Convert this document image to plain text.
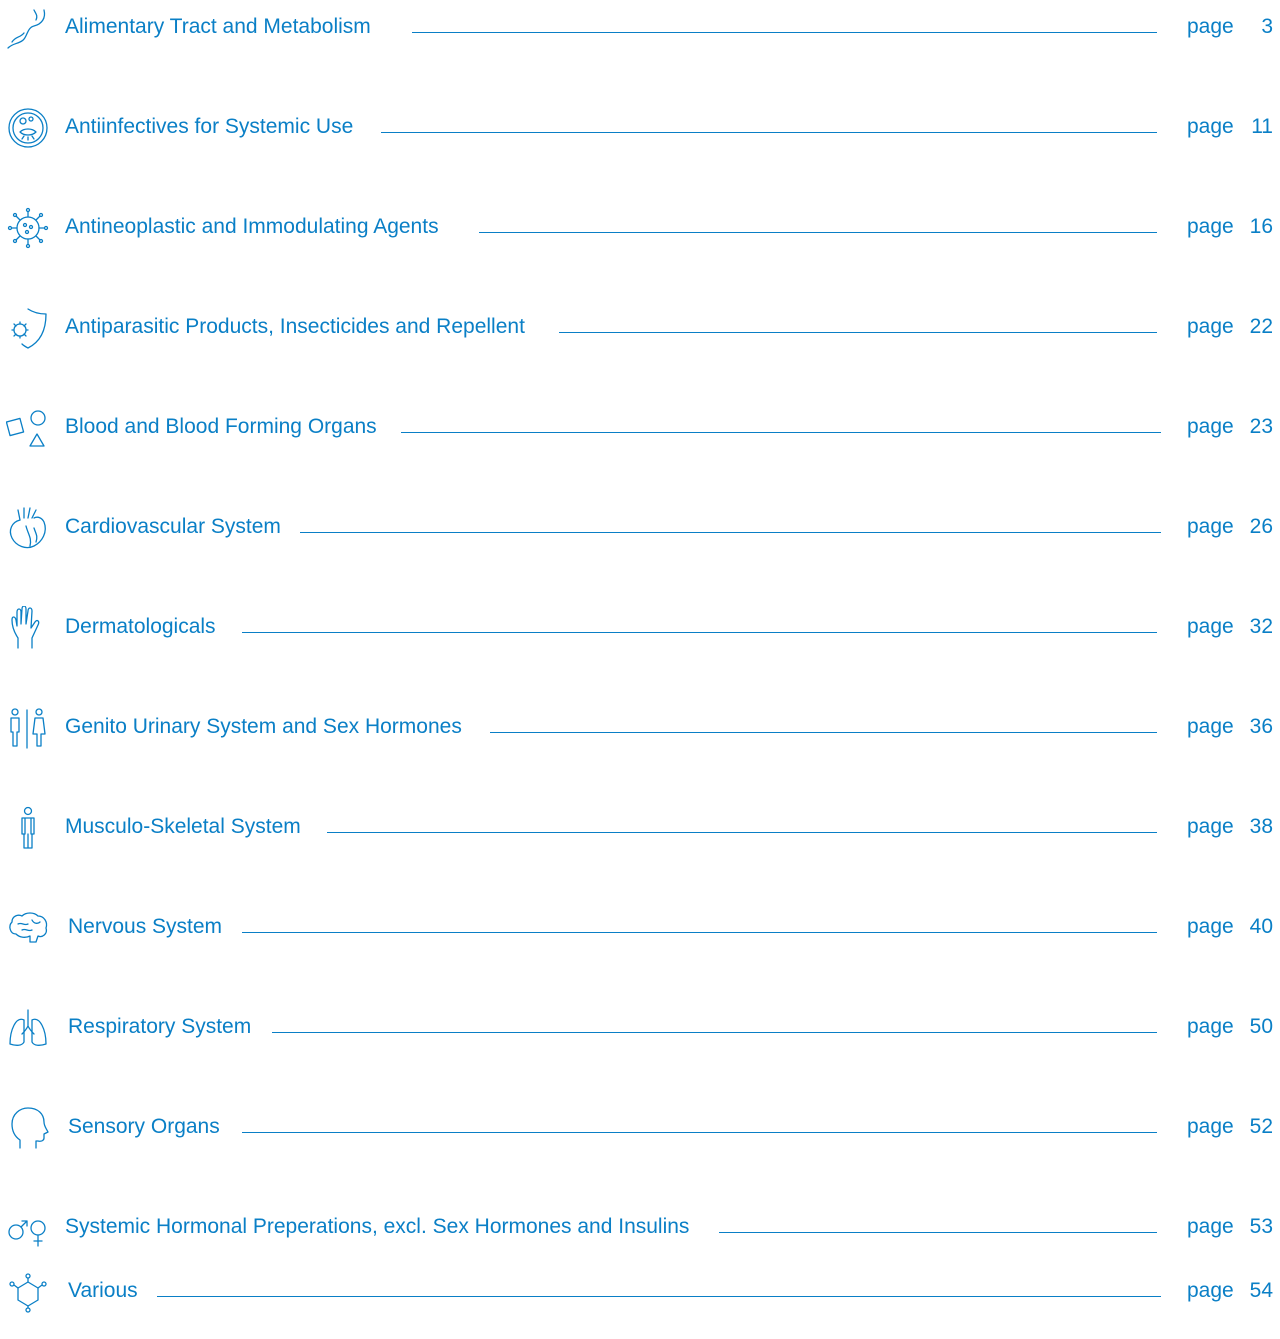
Alimentary Tract and Metabolism	page	3
Antiinfectives for Systemic Use	page 11
Antineoplastic and Immodulating Agents	page 16
Antiparasitic Products, Insecticides and Repellent	page 22
Blood and Blood Forming Organs	page 23
Cardiovascular System	page 26
Dermatologicals	page 32
Genito Urinary System and Sex Hormones	page 36
Musculo-Skeletal System	page 38
Nervous System	page 40
Respiratory System	page 50
Sensory Organs	page 52
Systemic Hormonal Preperations, excl. Sex Hormones and Insulins	page 53
Various	page 54
